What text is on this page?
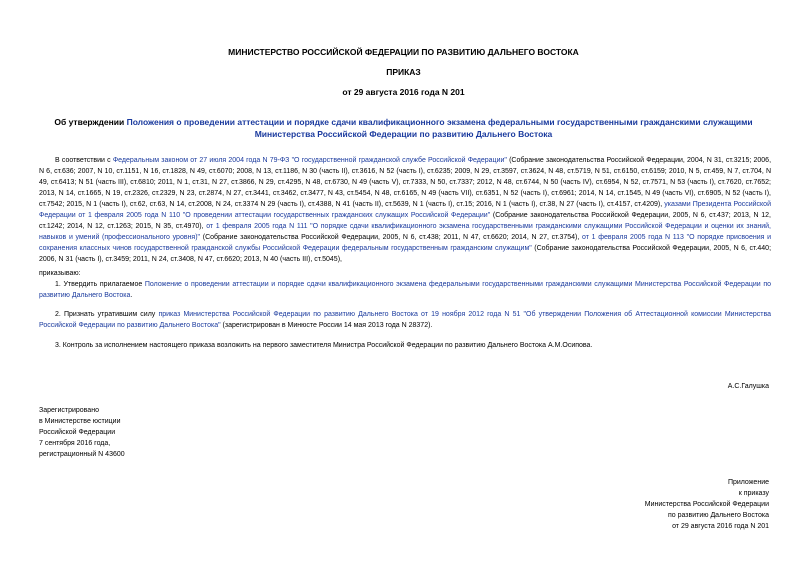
МИНИСТЕРСТВО РОССИЙСКОЙ ФЕДЕРАЦИИ ПО РАЗВИТИЮ ДАЛЬНЕГО ВОСТОКА
ПРИКАЗ
от 29 августа 2016 года N 201
Об утверждении Положения о проведении аттестации и порядке сдачи квалификационного экзамена федеральными государственными гражданскими служащими Министерства Российской Федерации по развитию Дальнего Востока
В соответствии с Федеральным законом от 27 июля 2004 года N 79-ФЗ "О государственной гражданской службе Российской Федерации" (Собрание законодательства Российской Федерации, 2004, N 31, ст.3215; 2006, N 6, ст.636; 2007, N 10, ст.1151, N 16, ст.1828, N 49, ст.6070; 2008, N 13, ст.1186, N 30 (часть II), ст.3616, N 52 (часть I), ст.6235; 2009, N 29, ст.3597, ст.3624, N 48, ст.5719, N 51, ст.6150, ст.6159; 2010, N 5, ст.459, N 7, ст.704, N 49, ст.6413; N 51 (часть III), ст.6810; 2011, N 1, ст.31, N 27, ст.3866, N 29, ст.4295, N 48, ст.6730, N 49 (часть V), ст.7333, N 50, ст.7337; 2012, N 48, ст.6744, N 50 (часть IV), ст.6954, N 52, ст.7571, N 53 (часть I), ст.7620, ст.7652; 2013, N 14, ст.1665, N 19, ст.2326, ст.2329, N 23, ст.2874, N 27, ст.3441, ст.3462, ст.3477, N 43, ст.5454, N 48, ст.6165, N 49 (часть VII), ст.6351, N 52 (часть I), ст.6961; 2014, N 14, ст.1545, N 49 (часть VI), ст.6905, N 52 (часть I), ст.7542; 2015, N 1 (часть I), ст.62, ст.63, N 14, ст.2008, N 24, ст.3374 N 29 (часть I), ст.4388, N 41 (часть II), ст.5639, N 1 (часть I), ст.15; 2016, N 1 (часть I), ст.38, N 27 (часть I), ст.4157, ст.4209), указами Президента Российской Федерации от 1 февраля 2005 года N 110 "О проведении аттестации государственных гражданских служащих Российской Федерации" (Собрание законодательства Российской Федерации, 2005, N 6, ст.437; 2013, N 12, ст.1242; 2014, N 12, ст.1263; 2015, N 35, ст.4970), от 1 февраля 2005 года N 111 "О порядке сдачи квалификационного экзамена государственными гражданскими служащими Российской Федерации и оценки их знаний, навыков и умений (профессионального уровня)" (Собрание законодательства Российской Федерации, 2005, N 6, ст.438; 2011, N 47, ст.6620; 2014, N 27, ст.3754), от 1 февраля 2005 года N 113 "О порядке присвоения и сохранения классных чинов государственной гражданской службы Российской Федерации федеральным государственным гражданским служащим" (Собрание законодательства Российской Федерации, 2005, N 6, ст.440; 2006, N 31 (часть I), ст.3459; 2011, N 24, ст.3408, N 47, ст.6620; 2013, N 40 (часть III), ст.5045),
приказываю:
1. Утвердить прилагаемое Положение о проведении аттестации и порядке сдачи квалификационного экзамена федеральными государственными гражданскими служащими Министерства Российской Федерации по развитию Дальнего Востока.
2. Признать утратившим силу приказ Министерства Российской Федерации по развитию Дальнего Востока от 19 ноября 2012 года N 51 "Об утверждении Положения об Аттестационной комиссии Министерства Российской Федерации по развитию Дальнего Востока" (зарегистрирован в Минюсте России 14 мая 2013 года N 28372).
3. Контроль за исполнением настоящего приказа возложить на первого заместителя Министра Российской Федерации по развитию Дальнего Востока А.М.Осипова.
А.С.Галушка
Зарегистрировано
в Министерстве юстиции
Российской Федерации
7 сентября 2016 года,
регистрационный N 43600
Приложение
к приказу
Министерства Российской Федерации
по развитию Дальнего Востока
от 29 августа 2016 года N 201
